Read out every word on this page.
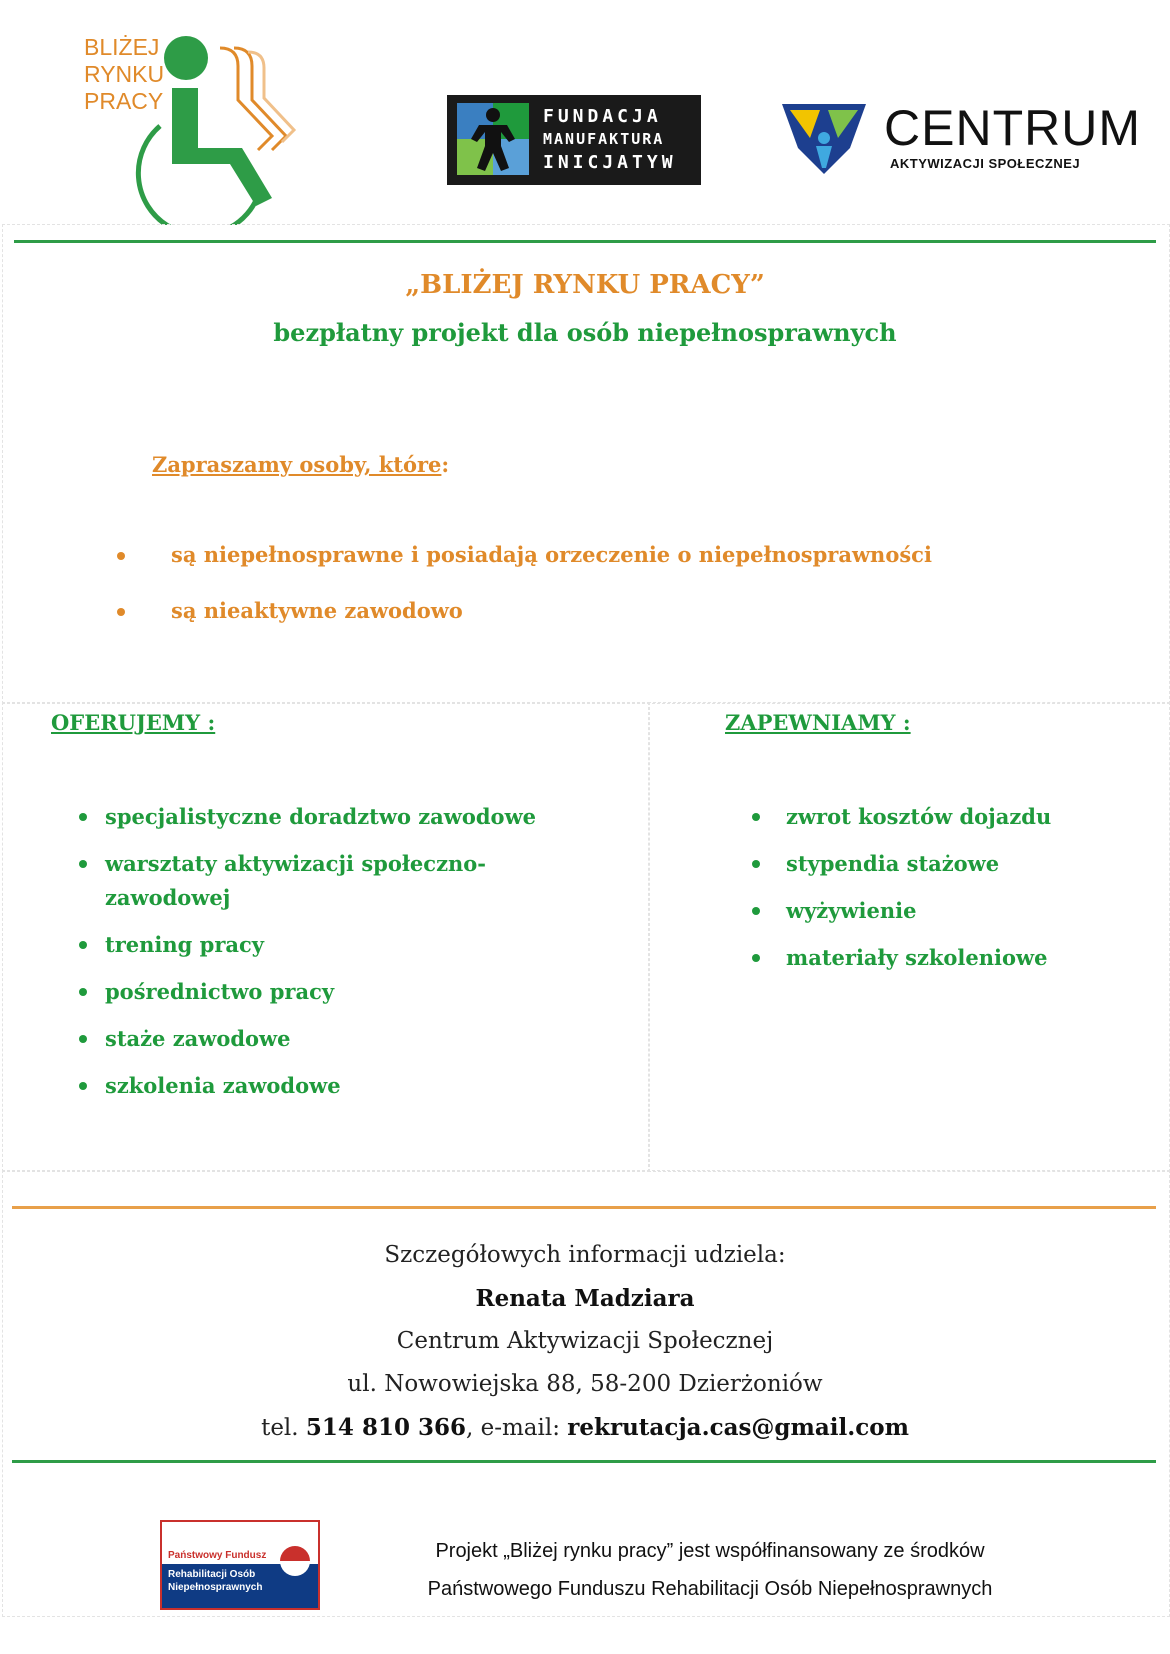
BLIŻEJ
RYNKU
PRACY
FUNDACJA
MANUFAKTURA
INICJATYW
CENTRUM
AKTYWIZACJI SPOŁECZNEJ
„BLIŻEJ RYNKU PRACY”
bezpłatny projekt dla osób niepełnosprawnych
Zapraszamy osoby, które:
są niepełnosprawne i posiadają orzeczenie o niepełnosprawności
są nieaktywne zawodowo
OFERUJEMY :	ZAPEWNIAMY :
specjalistyczne doradztwo zawodowe
warsztaty aktywizacji społeczno-zawodowej
trening pracy
pośrednictwo pracy
staże zawodowe
szkolenia zawodowe
zwrot kosztów dojazdu
stypendia stażowe
wyżywienie
materiały szkoleniowe
Szczegółowych informacji udziela:
Renata Madziara
Centrum Aktywizacji Społecznej
ul. Nowowiejska 88, 58-200 Dzierżoniów
tel. 514 810 366, e-mail: rekrutacja.cas@gmail.com
Państwowy Fundusz
Rehabilitacji Osób
Niepełnosprawnych
Projekt „Bliżej rynku pracy” jest współfinansowany ze środków
Państwowego Funduszu Rehabilitacji Osób Niepełnosprawnych
